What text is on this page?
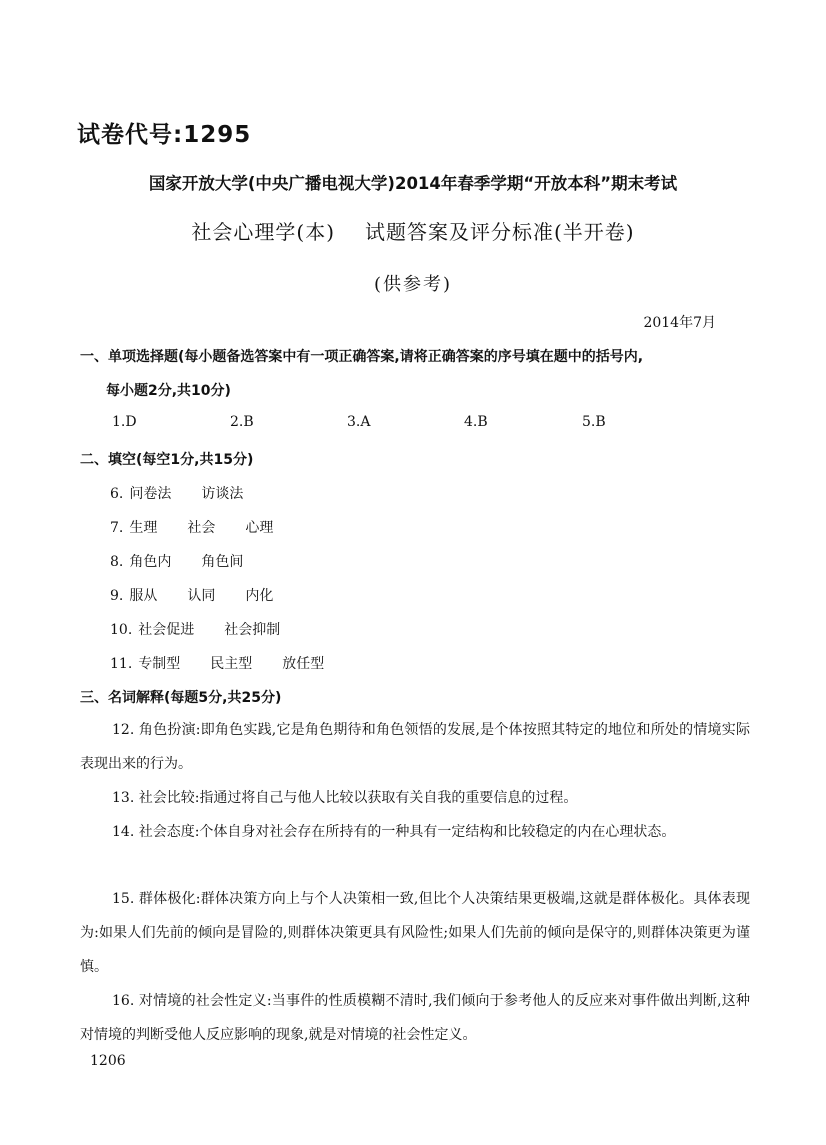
试卷代号:1295
国家开放大学(中央广播电视大学)2014年春季学期“开放本科”期末考试
社会心理学(本) 试题答案及评分标准(半开卷)
(供参考)
2014年7月
一、单项选择题(每小题备选答案中有一项正确答案,请将正确答案的序号填在题中的括号内,
每小题2分,共10分)
1.D	2.B	3.A	4.B	5.B
二、填空(每空1分,共15分)
6. 问卷法 访谈法
7. 生理 社会 心理
8. 角色内 角色间
9. 服从 认同 内化
10. 社会促进 社会抑制
11. 专制型 民主型 放任型
三、名词解释(每题5分,共25分)
12. 角色扮演:即角色实践,它是角色期待和角色领悟的发展,是个体按照其特定的地位和所处的情境实际表现出来的行为。
13. 社会比较:指通过将自己与他人比较以获取有关自我的重要信息的过程。
14. 社会态度:个体自身对社会存在所持有的一种具有一定结构和比较稳定的内在心理状态。
15. 群体极化:群体决策方向上与个人决策相一致,但比个人决策结果更极端,这就是群体极化。具体表现为:如果人们先前的倾向是冒险的,则群体决策更具有风险性;如果人们先前的倾向是保守的,则群体决策更为谨慎。
16. 对情境的社会性定义:当事件的性质模糊不清时,我们倾向于参考他人的反应来对事件做出判断,这种对情境的判断受他人反应影响的现象,就是对情境的社会性定义。
1206
